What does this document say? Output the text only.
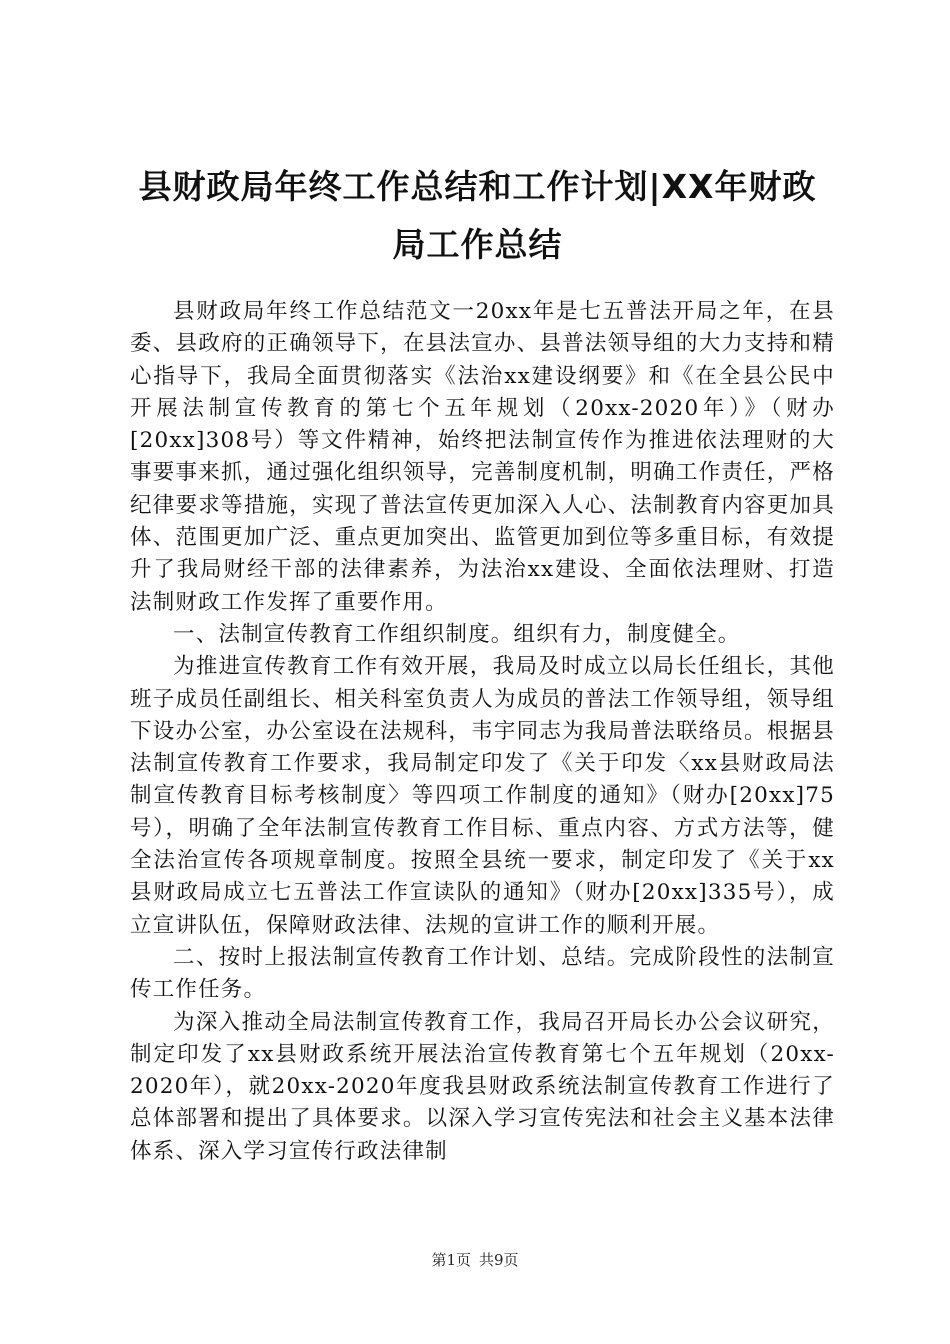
县财政局年终工作总结和工作计划|XX年财政
局工作总结

县财政局年终工作总结范文一20xx年是七五普法开局之年，在县委、县政府的正确领导下，在县法宣办、县普法领导组的大力支持和精心指导下，我局全面贯彻落实《法治xx建设纲要》和《在全县公民中开展法制宣传教育的第七个五年规划（20xx-2020年）》（财办[20xx]308号）等文件精神，始终把法制宣传作为推进依法理财的大事要事来抓，通过强化组织领导，完善制度机制，明确工作责任，严格纪律要求等措施，实现了普法宣传更加深入人心、法制教育内容更加具体、范围更加广泛、重点更加突出、监管更加到位等多重目标，有效提升了我局财经干部的法律素养，为法治xx建设、全面依法理财、打造法制财政工作发挥了重要作用。

一、法制宣传教育工作组织制度。组织有力，制度健全。

为推进宣传教育工作有效开展，我局及时成立以局长任组长，其他班子成员任副组长、相关科室负责人为成员的普法工作领导组，领导组下设办公室，办公室设在法规科，韦宇同志为我局普法联络员。根据县法制宣传教育工作要求，我局制定印发了《关于印发〈xx县财政局法制宣传教育目标考核制度〉等四项工作制度的通知》（财办[20xx]75号），明确了全年法制宣传教育工作目标、重点内容、方式方法等，健全法治宣传各项规章制度。按照全县统一要求，制定印发了《关于xx县财政局成立七五普法工作宣读队的通知》（财办[20xx]335号），成立宣讲队伍，保障财政法律、法规的宣讲工作的顺利开展。

二、按时上报法制宣传教育工作计划、总结。完成阶段性的法制宣传工作任务。

为深入推动全局法制宣传教育工作，我局召开局长办公会议研究，制定印发了xx县财政系统开展法治宣传教育第七个五年规划（20xx-2020年），就20xx-2020年度我县财政系统法制宣传教育工作进行了总体部署和提出了具体要求。以深入学习宣传宪法和社会主义基本法律体系、深入学习宣传行政法律制

第1页 共9页
